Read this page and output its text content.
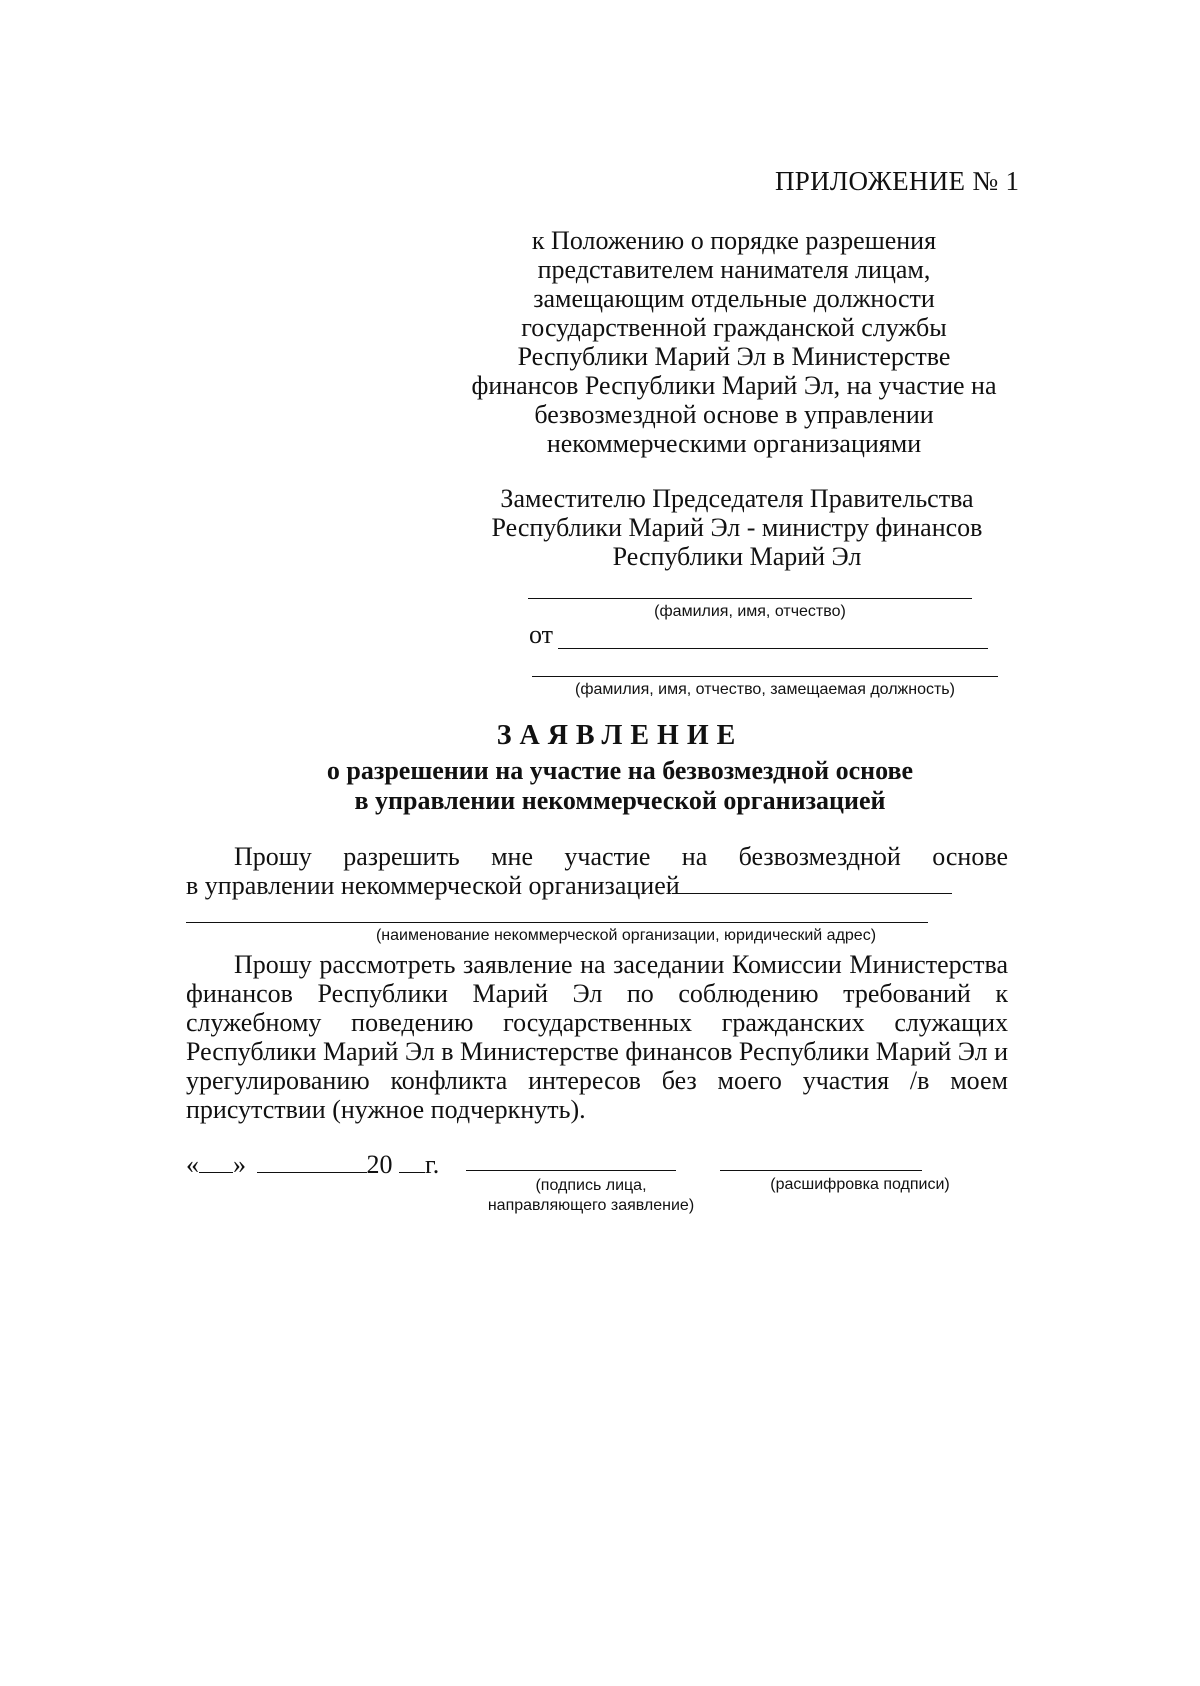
ПРИЛОЖЕНИЕ № 1
к Положению о порядке разрешения
представителем нанимателя лицам,
замещающим отдельные должности
государственной гражданской службы
Республики Марий Эл в Министерстве
финансов Республики Марий Эл, на участие на
безвозмездной основе в управлении
некоммерческими организациями
Заместителю Председателя Правительства
Республики Марий Эл - министру финансов
Республики Марий Эл
(фамилия, имя, отчество)
от
(фамилия, имя, отчество, замещаемая должность)
ЗАЯВЛЕНИЕ
о разрешении на участие на безвозмездной основе
в управлении некоммерческой организацией
Прошу разрешить мне участие на безвозмездной основе
в управлении некоммерческой организацией
(наименование некоммерческой организации, юридический адрес)
Прошу рассмотреть заявление на заседании Комиссии Министерства финансов Республики Марий Эл по соблюдению требований к служебному поведению государственных гражданских служащих Республики Марий Эл в Министерстве финансов Республики Марий Эл и урегулированию конфликта интересов без моего участия /в моем присутствии (нужное подчеркнуть).
« »	20 г.
(подпись лица,
направляющего заявление)
(расшифровка подписи)
